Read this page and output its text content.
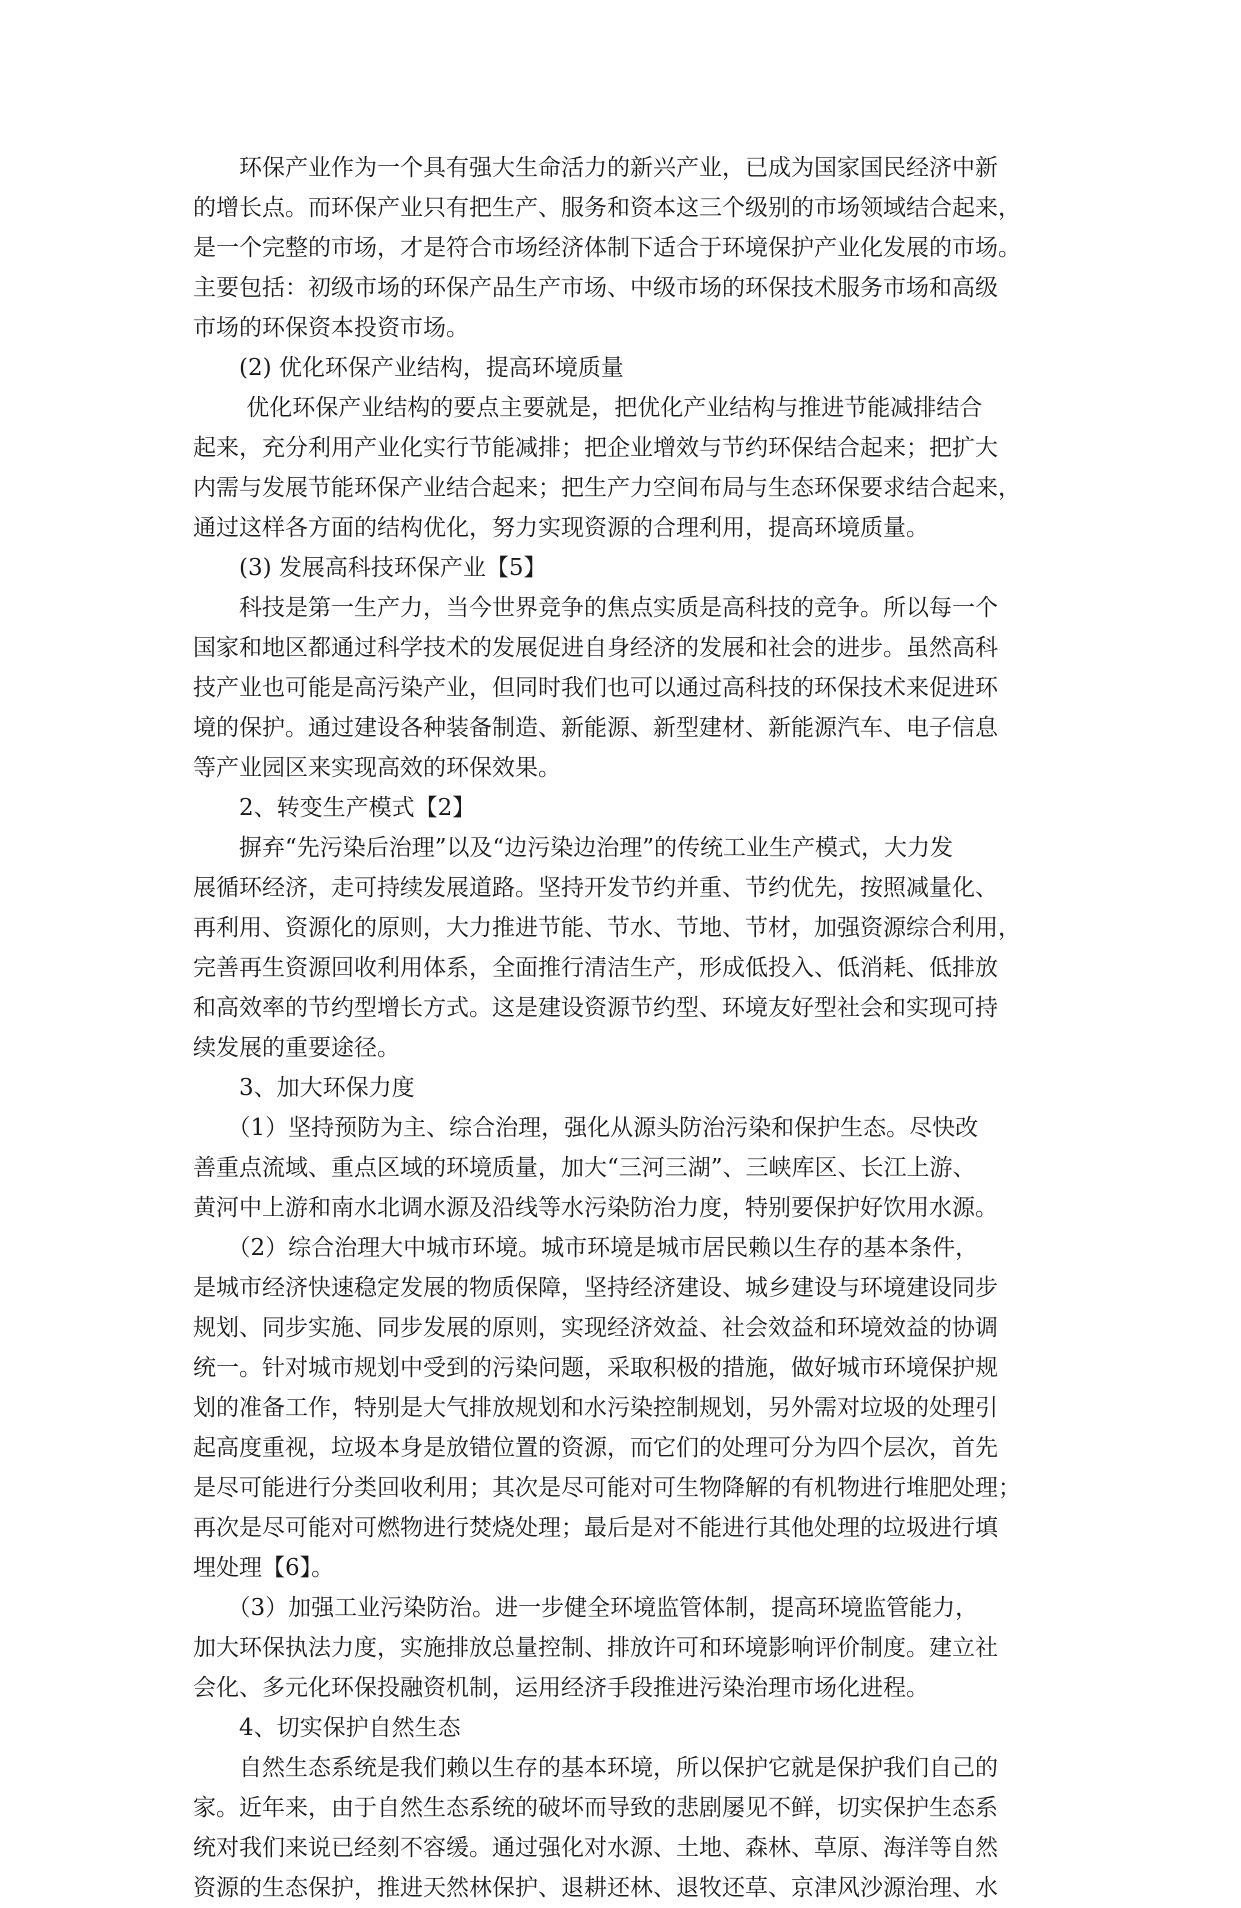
　　环保产业作为一个具有强大生命活力的新兴产业，已成为国家国民经济中新
的增长点。而环保产业只有把生产、服务和资本这三个级别的市场领域结合起来，
是一个完整的市场，才是符合市场经济体制下适合于环境保护产业化发展的市场。
主要包括：初级市场的环保产品生产市场、中级市场的环保技术服务市场和高级
市场的环保资本投资市场。

　　(2) 优化环保产业结构，提高环境质量

　　 优化环保产业结构的要点主要就是，把优化产业结构与推进节能减排结合
起来，充分利用产业化实行节能减排；把企业增效与节约环保结合起来；把扩大
内需与发展节能环保产业结合起来；把生产力空间布局与生态环保要求结合起来，
通过这样各方面的结构优化，努力实现资源的合理利用，提高环境质量。

　　(3) 发展高科技环保产业【5】

　　科技是第一生产力，当今世界竞争的焦点实质是高科技的竞争。所以每一个
国家和地区都通过科学技术的发展促进自身经济的发展和社会的进步。虽然高科
技产业也可能是高污染产业，但同时我们也可以通过高科技的环保技术来促进环
境的保护。通过建设各种装备制造、新能源、新型建材、新能源汽车、电子信息
等产业园区来实现高效的环保效果。

　　2、转变生产模式【2】

　　摒弃“先污染后治理”以及“边污染边治理”的传统工业生产模式，大力发
展循环经济，走可持续发展道路。坚持开发节约并重、节约优先，按照减量化、
再利用、资源化的原则，大力推进节能、节水、节地、节材，加强资源综合利用，
完善再生资源回收利用体系，全面推行清洁生产，形成低投入、低消耗、低排放
和高效率的节约型增长方式。这是建设资源节约型、环境友好型社会和实现可持
续发展的重要途径。

　　3、加大环保力度

　　（1）坚持预防为主、综合治理，强化从源头防治污染和保护生态。尽快改
善重点流域、重点区域的环境质量，加大“三河三湖”、三峡库区、长江上游、
黄河中上游和南水北调水源及沿线等水污染防治力度，特别要保护好饮用水源。

　　（2）综合治理大中城市环境。城市环境是城市居民赖以生存的基本条件，
是城市经济快速稳定发展的物质保障，坚持经济建设、城乡建设与环境建设同步
规划、同步实施、同步发展的原则，实现经济效益、社会效益和环境效益的协调
统一。针对城市规划中受到的污染问题，采取积极的措施，做好城市环境保护规
划的准备工作，特别是大气排放规划和水污染控制规划，另外需对垃圾的处理引
起高度重视，垃圾本身是放错位置的资源，而它们的处理可分为四个层次，首先
是尽可能进行分类回收利用；其次是尽可能对可生物降解的有机物进行堆肥处理；
再次是尽可能对可燃物进行焚烧处理；最后是对不能进行其他处理的垃圾进行填
埋处理【6】。

　　（3）加强工业污染防治。进一步健全环境监管体制，提高环境监管能力，
加大环保执法力度，实施排放总量控制、排放许可和环境影响评价制度。建立社
会化、多元化环保投融资机制，运用经济手段推进污染治理市场化进程。

　　4、切实保护自然生态

　　自然生态系统是我们赖以生存的基本环境，所以保护它就是保护我们自己的
家。近年来，由于自然生态系统的破坏而导致的悲剧屡见不鲜，切实保护生态系
统对我们来说已经刻不容缓。通过强化对水源、土地、森林、草原、海洋等自然
资源的生态保护，推进天然林保护、退耕还林、退牧还草、京津风沙源治理、水
